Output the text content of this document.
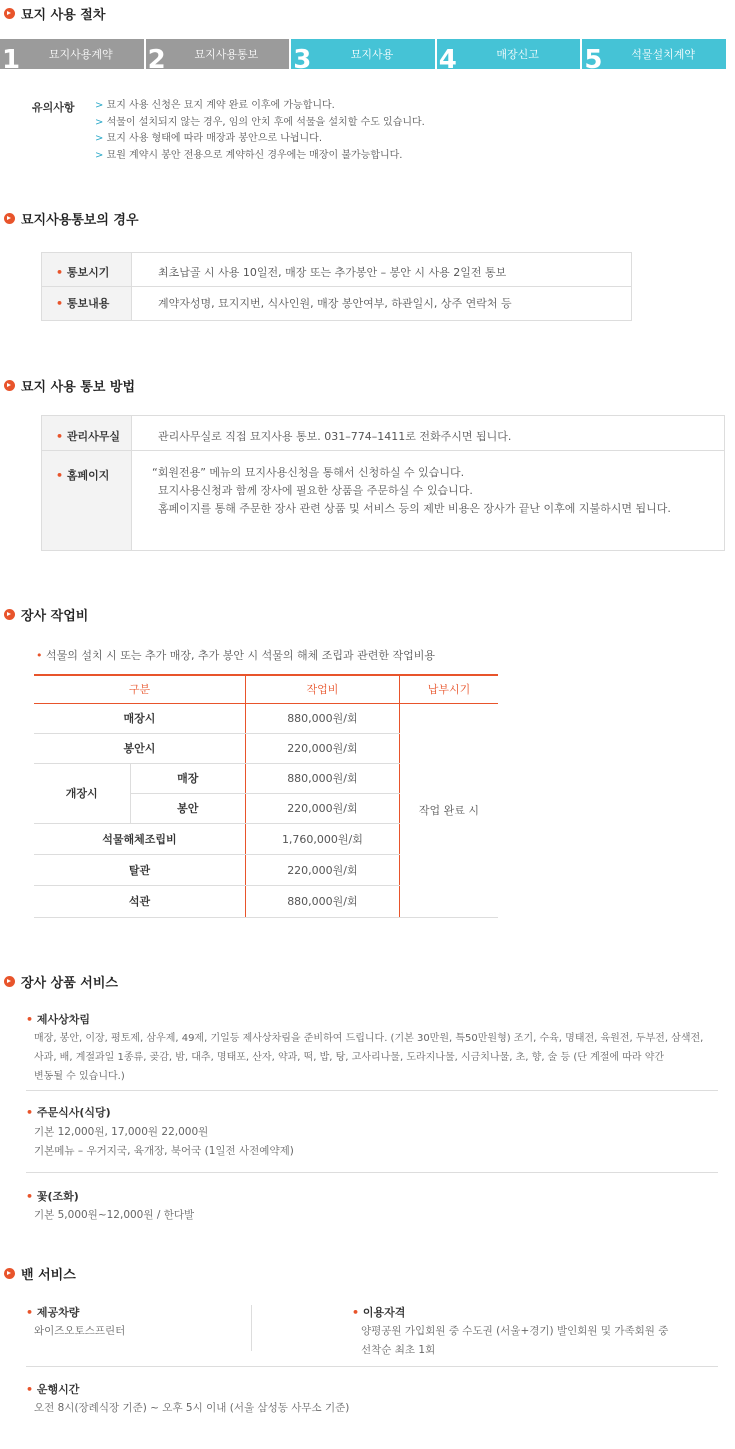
묘지 사용 절차
1	묘지사용계약 2	묘지사용통보 3	묘지사용 4	매장신고 5	석물설치계약
유의사항	> 묘지 사용 신청은 묘지 계약 완료 이후에 가능합니다.
> 석물이 설치되지 않는 경우, 임의 안치 후에 석물을 설치할 수도 있습니다.
> 묘지 사용 형태에 따라 매장과 봉안으로 나뉩니다.
> 묘원 계약시 봉안 전용으로 계약하신 경우에는 매장이 불가능합니다.
묘지사용통보의 경우
• 통보시기	최초납골 시 사용 10일전, 매장 또는 추가봉안 – 봉안 시 사용 2일전 통보
• 통보내용	계약자성명, 묘지지번, 식사인원, 매장 봉안여부, 하관일시, 상주 연락처 등
묘지 사용 통보 방법
• 관리사무실	관리사무실로 직접 묘지사용 통보. 031–774–1411로 전화주시면 됩니다.
• 홈페이지	“회원전용” 메뉴의 묘지사용신청을 통해서 신청하실 수 있습니다.
묘지사용신청과 함께 장사에 필요한 상품을 주문하실 수 있습니다.
홈페이지를 통해 주문한 장사 관련 상품 및 서비스 등의 제반 비용은 장사가 끝난 이후에 지불하시면 됩니다.
장사 작업비
• 석물의 설치 시 또는 추가 매장, 추가 봉안 시 석물의 해체 조립과 관련한 작업비용
구분		작업비	납부시기
매장시		880,000원/회	작업 완료 시
봉안시		220,000원/회	
개장시	매장	880,000원/회	
	봉안	220,000원/회	
석물해체조립비		1,760,000원/회	
탈관		220,000원/회	
석관		880,000원/회	
장사 상품 서비스
• 제사상차림
매장, 봉안, 이장, 평토제, 삼우제, 49제, 기일등 제사상차림을 준비하여 드립니다. (기본 30만원, 특50만원형) 조기, 수육, 명태전, 육원전, 두부전, 삼색전,
사과, 배, 계절과일 1종류, 곶감, 밤, 대추, 명태포, 산자, 약과, 떡, 밥, 탕, 고사리나물, 도라지나물, 시금치나물, 초, 향, 술 등 (단 계절에 따라 약간
변동될 수 있습니다.)
• 주문식사(식당)
기본 12,000원, 17,000원 22,000원
기본메뉴 – 우거지국, 육개장, 북어국 (1일전 사전예약제)
• 꽃(조화)
기본 5,000원~12,000원 / 한다발
밴 서비스
• 제공차량
와이즈오토스프린터
• 이용자격
양평공원 가입회원 중 수도권 (서울+경기) 발인회원 및 가족회원 중
선착순 최초 1회
• 운행시간
오전 8시(장례식장 기준) ~ 오후 5시 이내 (서울 삼성동 사무소 기준)
